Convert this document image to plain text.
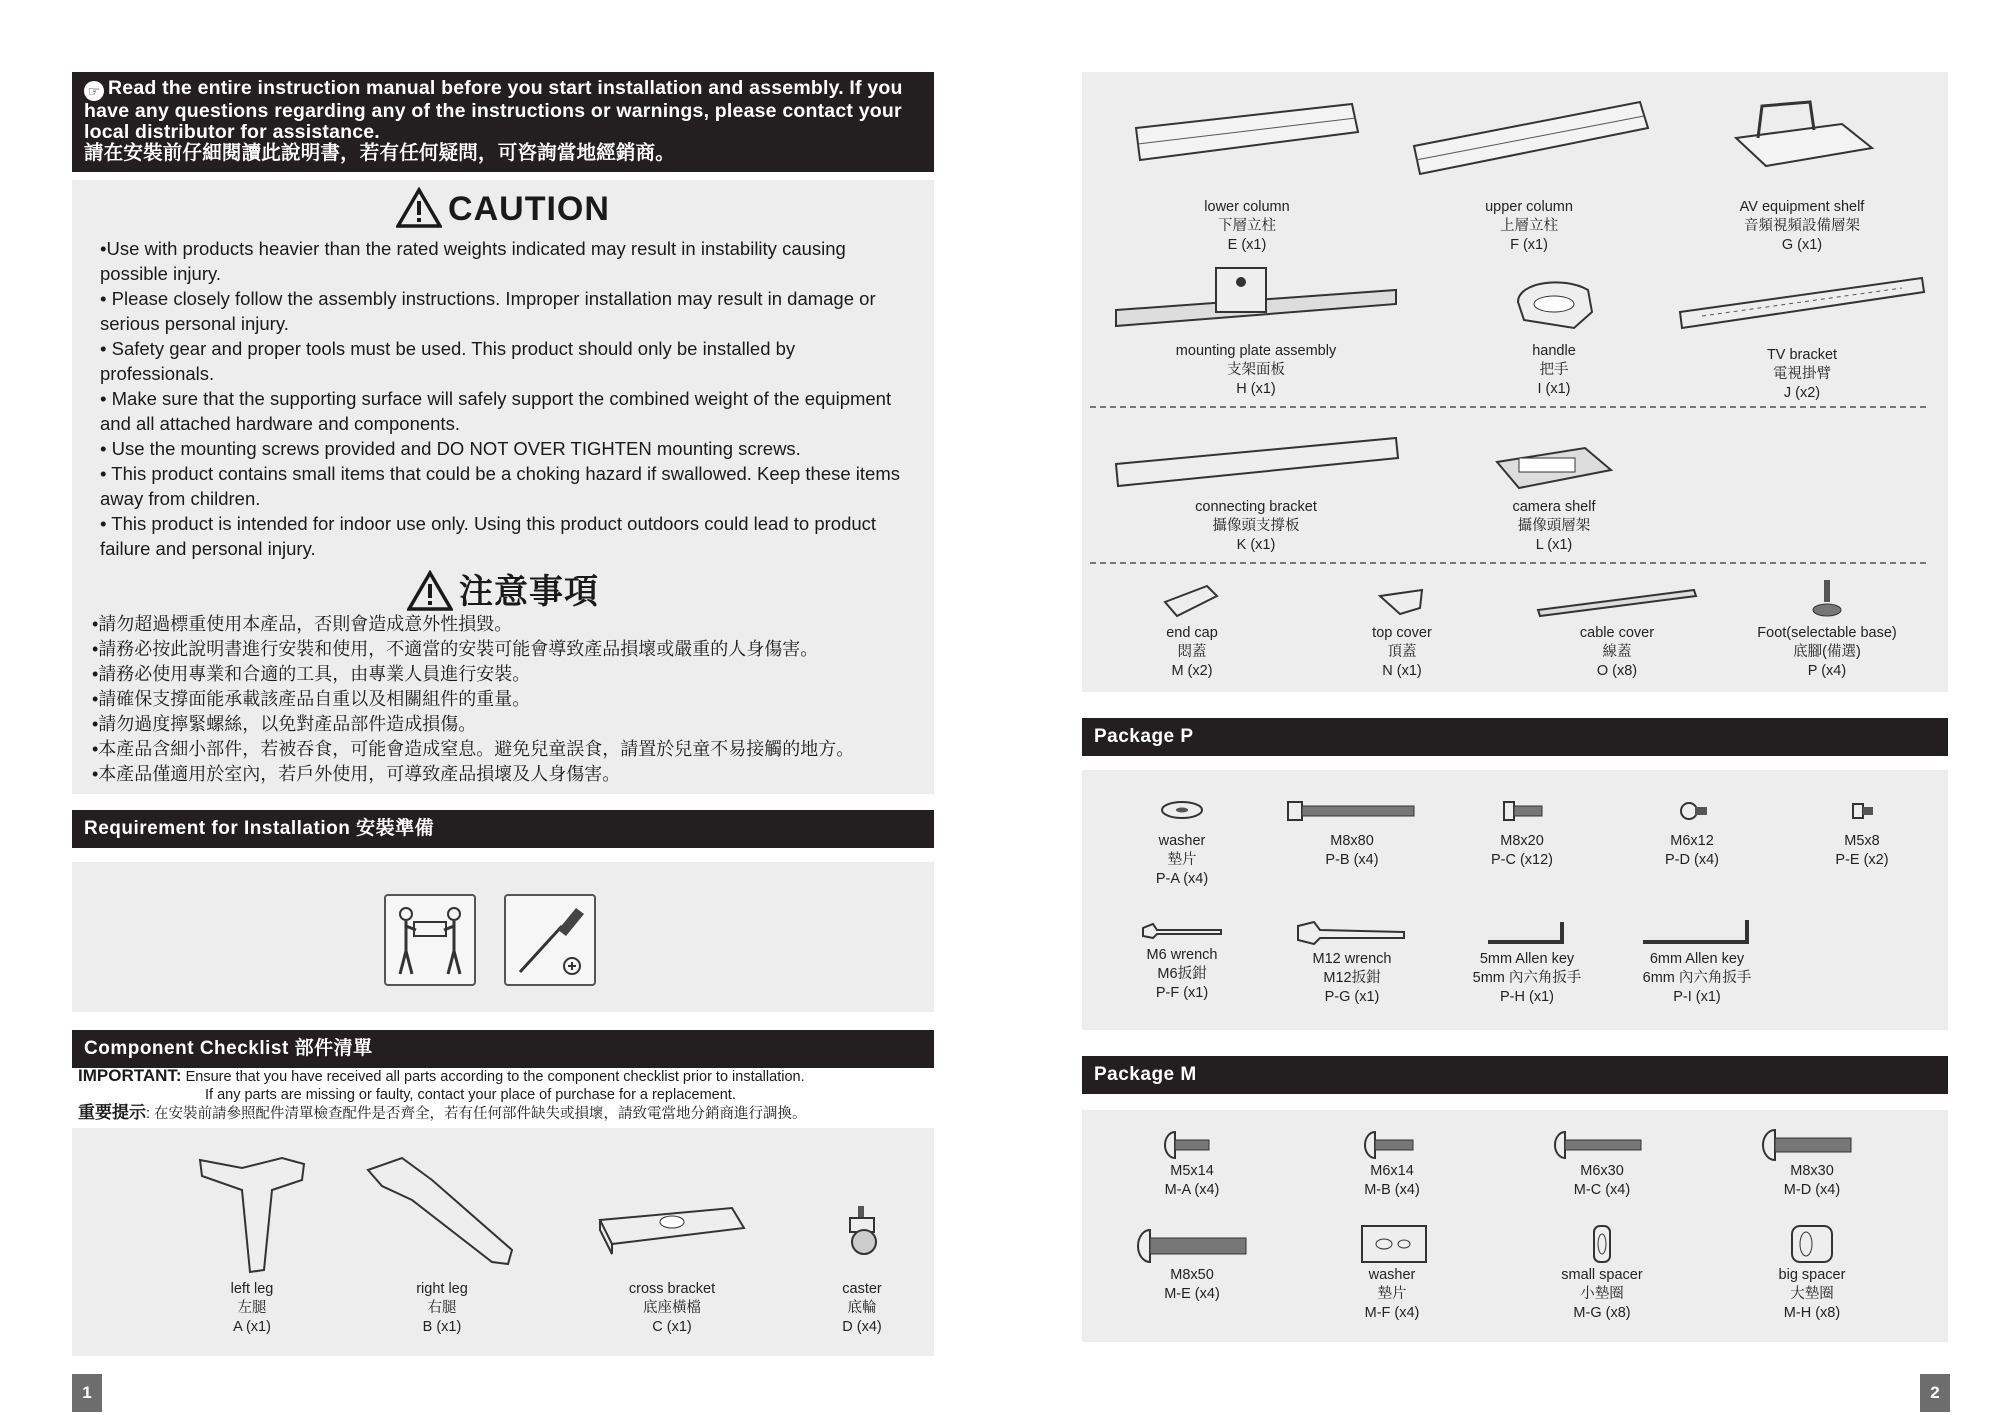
☞ Read the entire instruction manual before you start installation and assembly. If you have any questions regarding any of the instructions or warnings, please contact your local distributor for assistance.
請在安裝前仔細閱讀此說明書，若有任何疑問，可咨詢當地經銷商。
CAUTION
•Use with products heavier than the rated weights indicated may result in instability causing possible injury.
• Please closely follow the assembly instructions. Improper installation may result in damage or serious personal injury.
• Safety gear and proper tools must be used. This product should only be installed by professionals.
• Make sure that the supporting surface will safely support the combined weight of the equipment and all attached hardware and components.
• Use the mounting screws provided and DO NOT OVER TIGHTEN mounting screws.
• This product contains small items that could be a choking hazard if swallowed. Keep these items away from children.
• This product is intended for indoor use only. Using this product outdoors could lead to product failure and personal injury.
注意事項
•請勿超過標重使用本產品，否則會造成意外性損毀。
•請務必按此說明書進行安裝和使用，不適當的安裝可能會導致產品損壞或嚴重的人身傷害。
•請務必使用專業和合適的工具，由專業人員進行安裝。
•請確保支撐面能承載該產品自重以及相關組件的重量。
•請勿過度擰緊螺絲，以免對產品部件造成損傷。
•本產品含細小部件，若被吞食，可能會造成窒息。避免兒童誤食，請置於兒童不易接觸的地方。
•本產品僅適用於室內，若戶外使用，可導致產品損壞及人身傷害。
Requirement for Installation 安裝準備
Component Checklist 部件清單
IMPORTANT: Ensure that you have received all parts according to the component checklist prior to installation.
If any parts are missing or faulty, contact your place of purchase for a replacement.
重要提示: 在安裝前請參照配件清單檢查配件是否齊全，若有任何部件缺失或損壞，請致電當地分銷商進行調換。
left leg
左腿
A (x1)
right leg
右腿
B (x1)
cross bracket
底座橫檔
C (x1)
caster
底輪
D (x4)
1
lower column
下層立柱
E (x1)
upper column
上層立柱
F (x1)
AV equipment shelf
音頻視頻設備層架
G (x1)
mounting plate assembly
支架面板
H (x1)
handle
把手
I (x1)
TV bracket
電視掛臂
J (x2)
connecting bracket
攝像頭支撐板
K (x1)
camera shelf
攝像頭層架
L (x1)
end cap
悶蓋
M (x2)
top cover
頂蓋
N (x1)
cable cover
線蓋
O (x8)
Foot(selectable base)
底腳(備選)
P (x4)
Package P
washer
墊片
P-A (x4)
M8x80
P-B (x4)
M8x20
P-C (x12)
M6x12
P-D (x4)
M5x8
P-E (x2)
M6 wrench
M6扳鉗
P-F (x1)
M12 wrench
M12扳鉗
P-G (x1)
5mm Allen key
5mm 內六角扳手
P-H (x1)
6mm Allen key
6mm 內六角扳手
P-I (x1)
Package M
M5x14
M-A (x4)
M6x14
M-B (x4)
M6x30
M-C (x4)
M8x30
M-D (x4)
M8x50
M-E (x4)
washer
墊片
M-F (x4)
small spacer
小墊圈
M-G (x8)
big spacer
大墊圈
M-H (x8)
2
